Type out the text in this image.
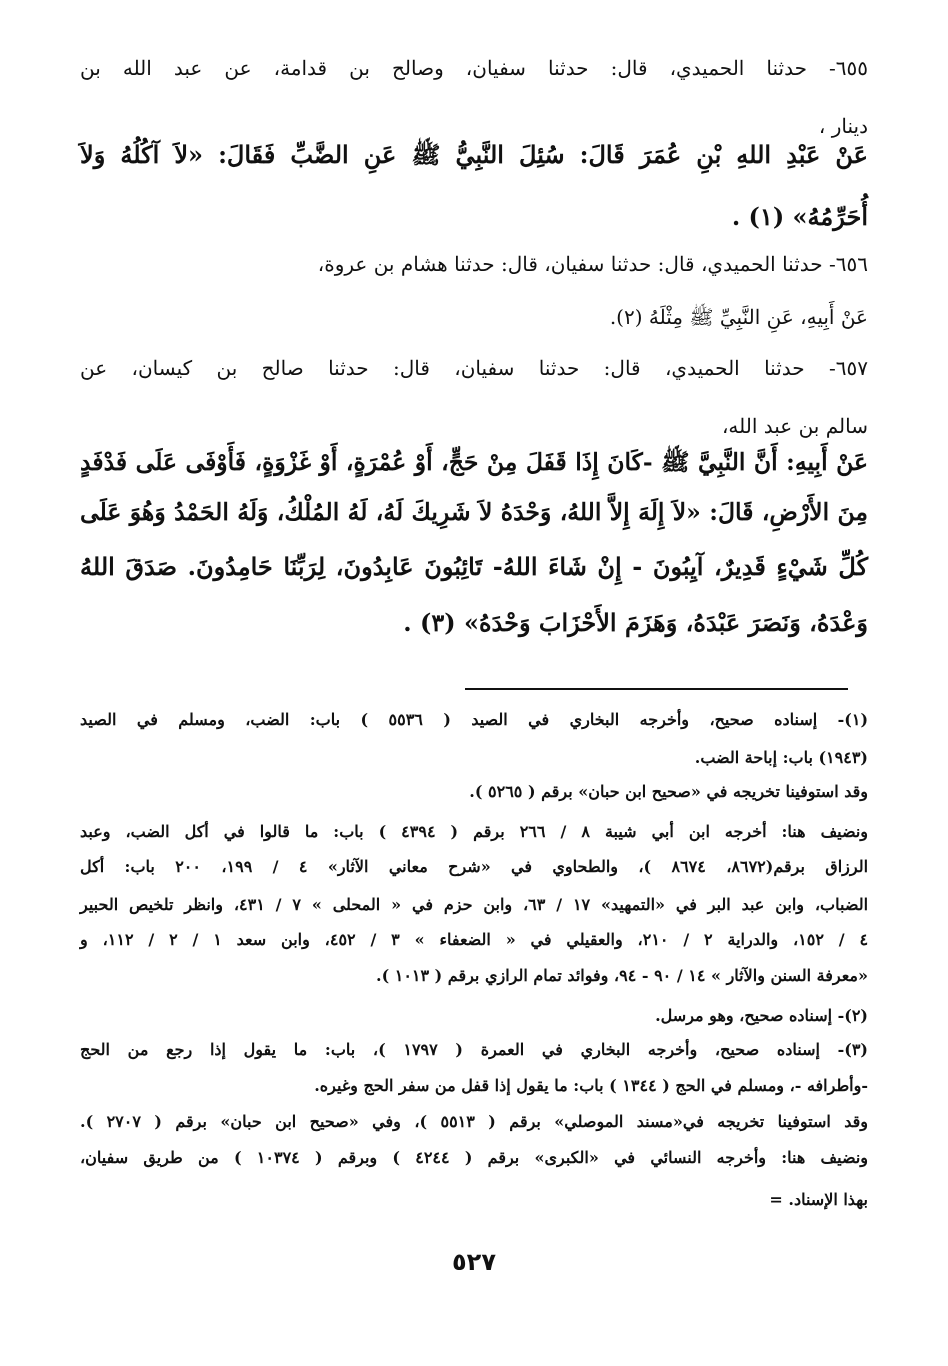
٦٥٥- حدثنا الحميدي، قال: حدثنا سفيان، وصالح بن قدامة، عن عبد الله بن
دينار ،
عَنْ عَبْدِ اللهِ بْنِ عُمَرَ قَالَ: سُئِلَ النَّبِيُّ ﷺ عَنِ الضَّبِّ فَقَالَ: «لاَ آكُلُهُ وَلاَ
أُحَرِّمُهُ» (١) .
٦٥٦- حدثنا الحميدي، قال: حدثنا سفيان، قال: حدثنا هشام بن عروة،
عَنْ أَبِيهِ، عَنِ النَّبِيِّ ﷺ مِثْلَهُ (٢).
٦٥٧- حدثنا الحميدي، قال: حدثنا سفيان، قال: حدثنا صالح بن كيسان، عن
سالم بن عبد الله،
عَنْ أَبِيهِ: أَنَّ النَّبِيَّ ﷺ -كَانَ إِذَا قَفَلَ مِنْ حَجٍّ، أَوْ عُمْرَةٍ، أَوْ غَزْوَةٍ، فَأَوْفَى عَلَى فَدْفَدٍ
مِنَ الأَرْضِ، قَالَ: «لاَ إِلَهَ إِلاَّ اللهُ، وَحْدَهُ لاَ شَرِيكَ لَهُ، لَهُ المُلْكُ، وَلَهُ الحَمْدُ وَهُوَ عَلَى
كُلِّ شَيْءٍ قَدِيرٌ، آيِبُونَ - إِنْ شَاءَ اللهُ- تَائِبُونَ عَابِدُونَ، لِرَبِّنَا حَامِدُونَ. صَدَقَ اللهُ
وَعْدَهُ، وَنَصَرَ عَبْدَهُ، وَهَزَمَ الأَحْزَابَ وَحْدَهُ» (٣) .
(١)- إسناده صحيح، وأخرجه البخاري في الصيد ( ٥٥٣٦ ) باب: الضب، ومسلم في الصيد
(١٩٤٣) باب: إباحة الضب.
وقد استوفينا تخريجه في «صحيح ابن حبان» برقم ( ٥٢٦٥ ).
ونضيف هنا: أخرجه ابن أبي شيبة ٨ / ٢٦٦ برقم ( ٤٣٩٤ ) باب: ما قالوا في أكل الضب، وعبد
الرزاق برقم(٨٦٧٢، ٨٦٧٤ )، والطحاوي في «شرح معاني الآثار» ٤ / ١٩٩، ٢٠٠ باب: أكل
الضباب، وابن عبد البر في «التمهيد» ١٧ / ٦٣، وابن حزم في « المحلى » ٧ / ٤٣١، وانظر تلخيص الحبير
٤ / ١٥٢، والدراية ٢ / ٢١٠، والعقيلي في « الضعفاء » ٣ / ٤٥٢، وابن سعد ١ / ٢ / ١١٢، و
«معرفة السنن والآثار » ١٤ / ٩٠ - ٩٤، وفوائد تمام الرازي برقم ( ١٠١٣ ).
(٢)- إسناده صحيح، وهو مرسل.
(٣)- إسناده صحيح، وأخرجه البخاري في العمرة ( ١٧٩٧ )، باب: ما يقول إذا رجع من الحج
-وأطرافه -، ومسلم في الحج ( ١٣٤٤ ) باب: ما يقول إذا قفل من سفر الحج وغيره.
وقد استوفينا تخريجه في«مسند الموصلي» برقم ( ٥٥١٣ )، وفي «صحيح ابن حبان» برقم ( ٢٧٠٧ ).
ونضيف هنا: وأخرجه النسائي في «الكبرى» برقم ( ٤٢٤٤ ) وبرقم ( ١٠٣٧٤ ) من طريق سفيان،
بهذا الإسناد. =
٥٢٧
